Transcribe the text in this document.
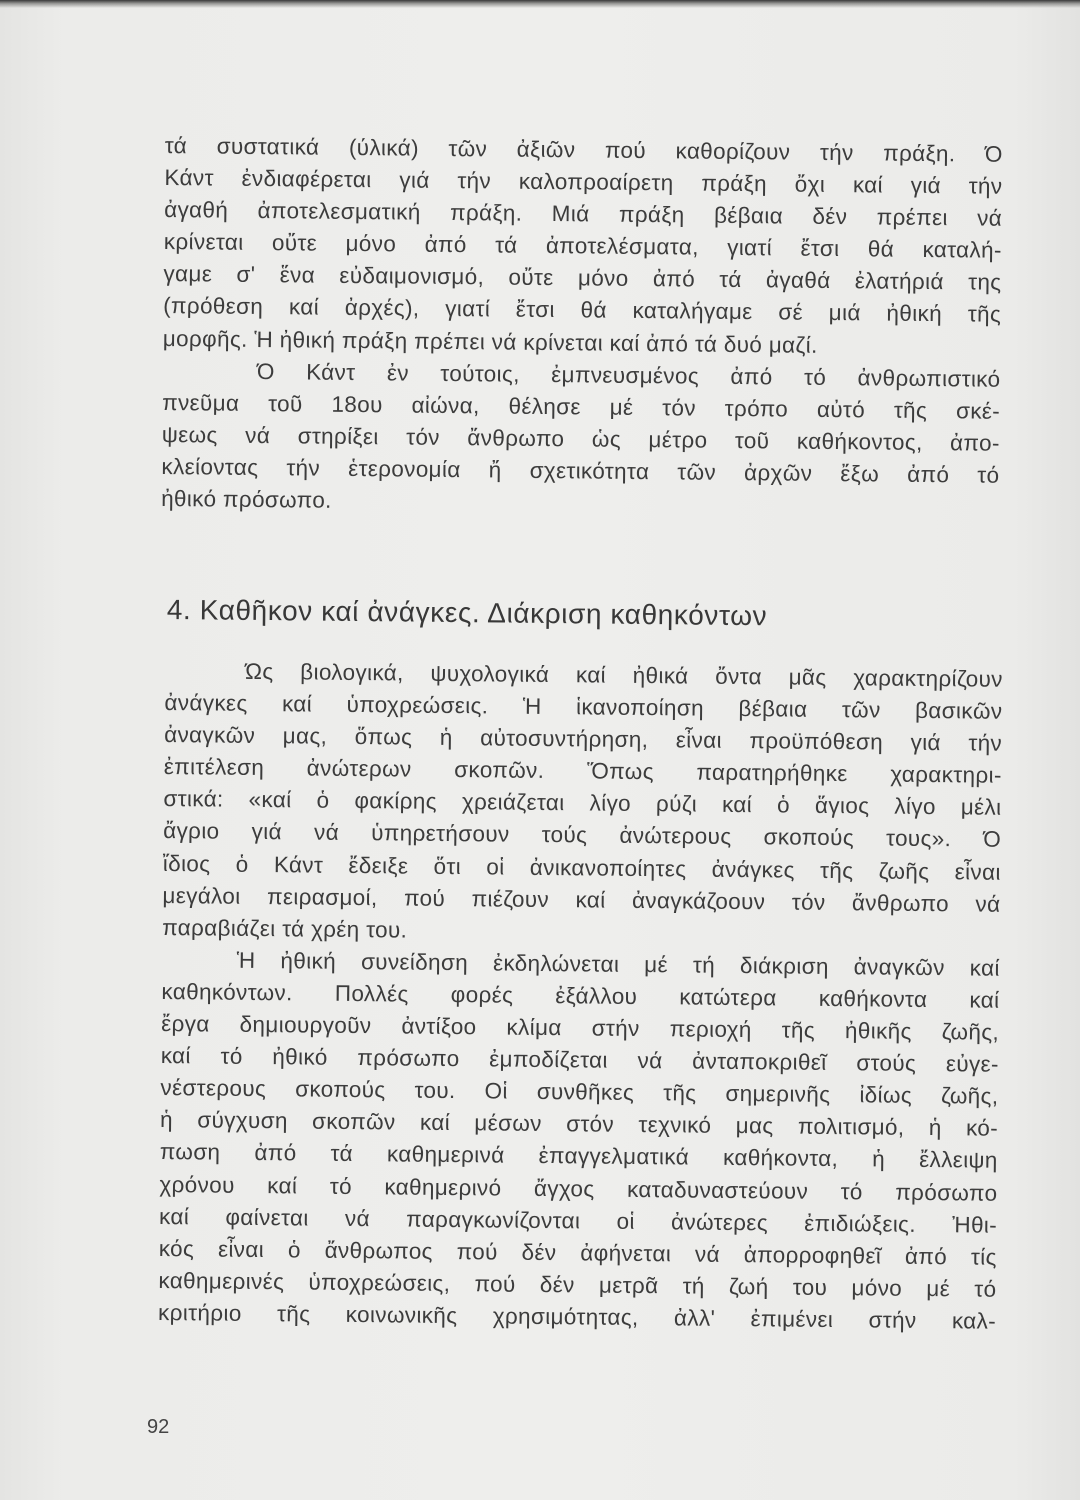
τά συστατικά (ύλικά) τῶν ἀξιῶν πού καθορίζουν τήν πράξη. Ό
Κάντ ἐνδιαφέρεται γιά τήν καλοπροαίρετη πράξη ὄχι καί γιά τήν
ἀγαθή ἀποτελεσματική πράξη. Μιά πράξη βέβαια δέν πρέπει νά
κρίνεται οὔτε μόνο ἀπό τά ἀποτελέσματα, γιατί ἔτσι θά καταλή-
γαμε σ' ἕνα εὐδαιμονισμό, οὔτε μόνο ἀπό τά ἀγαθά ἐλατήριά της
(πρόθεση καί ἀρχές), γιατί ἔτσι θά καταλήγαμε σέ μιά ἠθική τῆς
μορφῆς. Ἡ ἠθική πράξη πρέπει νά κρίνεται καί ἀπό τά δυό μαζί.
Ό Κάντ ἐν τούτοις, ἐμπνευσμένος ἀπό τό ἀνθρωπιστικό
πνεῦμα τοῦ 18ου αἰώνα, θέλησε μέ τόν τρόπο αὐτό τῆς σκέ-
ψεως νά στηρίξει τόν ἄνθρωπο ὡς μέτρο τοῦ καθήκοντος, ἀπο-
κλείοντας τήν ἑτερονομία ἤ σχετικότητα τῶν ἀρχῶν ἔξω ἀπό τό
ἠθικό πρόσωπο.
4. Καθῆκον καί ἀνάγκες. Διάκριση καθηκόντων
Ώς βιολογικά, ψυχολογικά καί ἠθικά ὄντα μᾶς χαρακτηρίζουν
ἀνάγκες καί ὑποχρεώσεις. Ἡ ἱκανοποίηση βέβαια τῶν βασικῶν
ἀναγκῶν μας, ὅπως ἡ αὐτοσυντήρηση, εἶναι προϋπόθεση γιά τήν
ἐπιτέλεση ἀνώτερων σκοπῶν. Ὅπως παρατηρήθηκε χαρακτηρι-
στικά: «καί ὁ φακίρης χρειάζεται λίγο ρύζι καί ὁ ἅγιος λίγο μέλι
ἄγριο γιά νά ὑπηρετήσουν τούς ἀνώτερους σκοπούς τους». Ό
ἴδιος ὁ Κάντ ἔδειξε ὅτι οἱ ἀνικανοποίητες ἀνάγκες τῆς ζωῆς εἶναι
μεγάλοι πειρασμοί, πού πιέζουν καί ἀναγκάζοουν τόν ἄνθρωπο νά
παραβιάζει τά χρέη του.
Ἡ ἠθική συνείδηση ἐκδηλώνεται μέ τή διάκριση ἀναγκῶν καί
καθηκόντων. Πολλές φορές ἐξάλλου κατώτερα καθήκοντα καί
ἔργα δημιουργοῦν ἀντίξοο κλίμα στήν περιοχή τῆς ἠθικῆς ζωῆς,
καί τό ἠθικό πρόσωπο ἐμποδίζεται νά ἀνταποκριθεῖ στούς εὐγε-
νέστερους σκοπούς του. Οἱ συνθῆκες τῆς σημερινῆς ἰδίως ζωῆς,
ἡ σύγχυση σκοπῶν καί μέσων στόν τεχνικό μας πολιτισμό, ἡ κό-
πωση ἀπό τά καθημερινά ἐπαγγελματικά καθήκοντα, ἡ ἔλλειψη
χρόνου καί τό καθημερινό ἄγχος καταδυναστεύουν τό πρόσωπο
καί φαίνεται νά παραγκωνίζονται οἱ ἀνώτερες ἐπιδιώξεις. Ἠθι-
κός εἶναι ὁ ἄνθρωπος πού δέν ἀφήνεται νά ἀπορροφηθεῖ ἀπό τίς
καθημερινές ὑποχρεώσεις, πού δέν μετρᾶ τή ζωή του μόνο μέ τό
κριτήριο τῆς κοινωνικῆς χρησιμότητας, ἀλλ' ἐπιμένει στήν καλ-
92
